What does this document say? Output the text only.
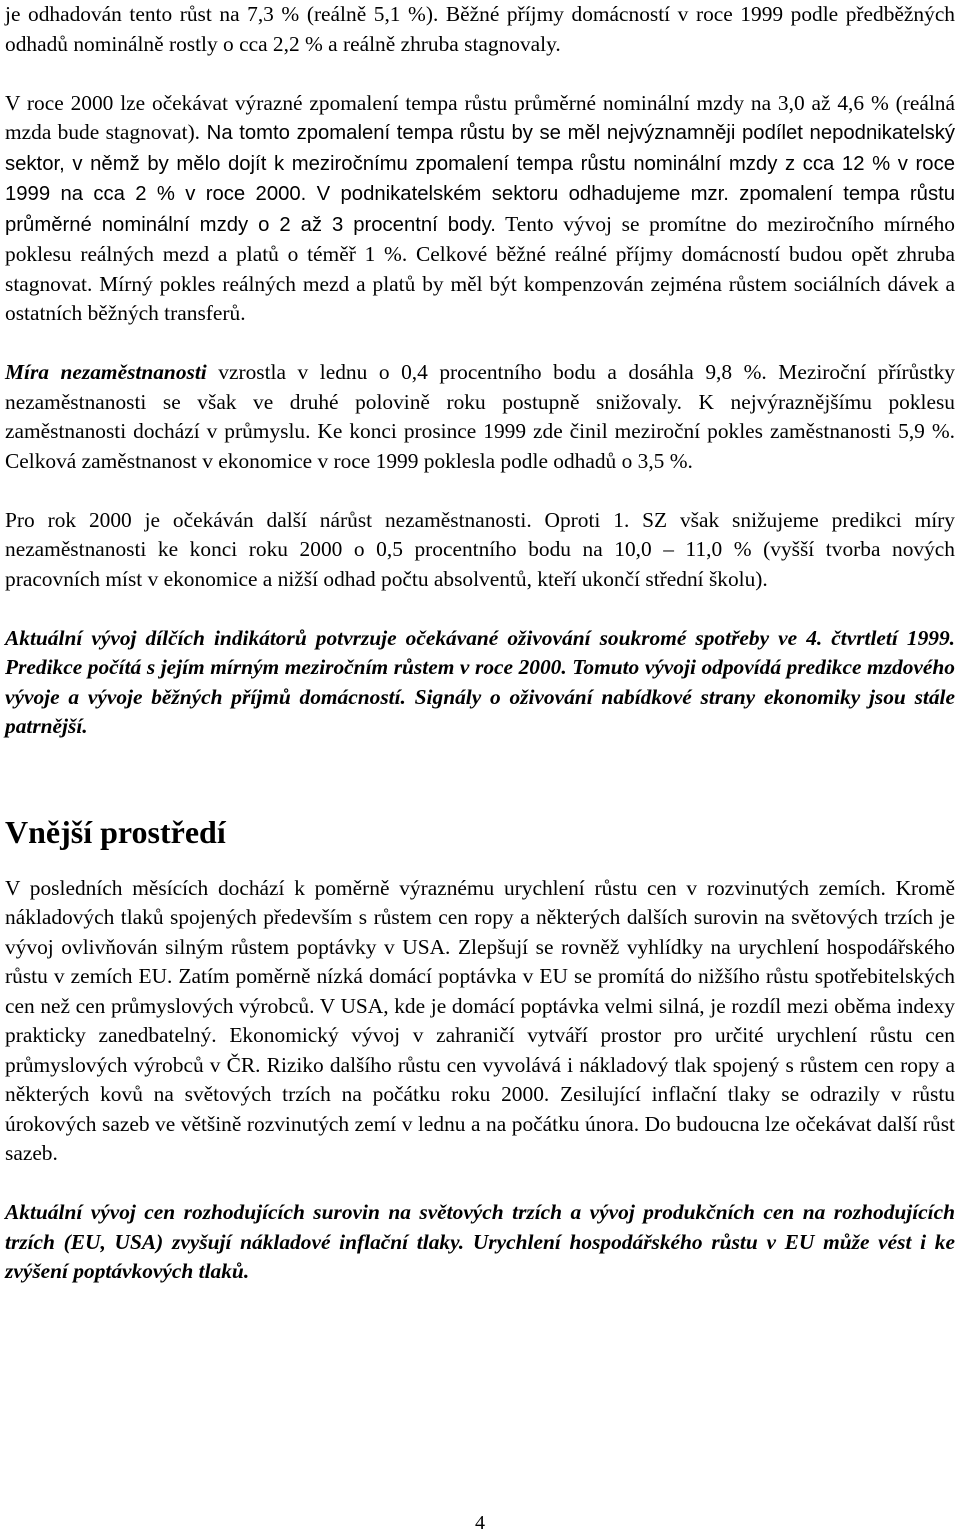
je odhadován tento růst na 7,3 % (reálně 5,1 %). Běžné příjmy domácností v roce 1999 podle předběžných odhadů nominálně rostly o cca 2,2 % a reálně zhruba stagnovaly.

V roce 2000 lze očekávat výrazné zpomalení tempa růstu průměrné nominální mzdy na 3,0 až 4,6 % (reálná mzda bude stagnovat). Na tomto zpomalení tempa růstu by se měl nejvýznamněji podílet nepodnikatelský sektor, v němž by mělo dojít k meziročnímu zpomalení tempa růstu nominální mzdy z cca 12 % v roce 1999 na cca 2 % v roce 2000. V podnikatelském sektoru odhadujeme mzr. zpomalení tempa růstu průměrné nominální mzdy o 2 až 3 procentní body. Tento vývoj se promítne do meziročního mírného poklesu reálných mezd a platů o téměř 1 %. Celkové běžné reálné příjmy domácností budou opět zhruba stagnovat. Mírný pokles reálných mezd a platů by měl být kompenzován zejména růstem sociálních dávek a ostatních běžných transferů.

Míra nezaměstnanosti vzrostla v lednu o 0,4 procentního bodu a dosáhla 9,8 %. Meziroční přírůstky nezaměstnanosti se však ve druhé polovině roku postupně snižovaly. K nejvýraznějšímu poklesu zaměstnanosti dochází v průmyslu. Ke konci prosince 1999 zde činil meziroční pokles zaměstnanosti 5,9 %. Celková zaměstnanost v ekonomice v roce 1999 poklesla podle odhadů o 3,5 %.

Pro rok 2000 je očekáván další nárůst nezaměstnanosti. Oproti 1. SZ však snižujeme predikci míry nezaměstnanosti ke konci roku 2000 o 0,5 procentního bodu na 10,0 – 11,0 % (vyšší tvorba nových pracovních míst v ekonomice a nižší odhad počtu absolventů, kteří ukončí střední školu).

Aktuální vývoj dílčích indikátorů potvrzuje očekávané oživování soukromé spotřeby ve 4. čtvrtletí 1999. Predikce počítá s jejím mírným meziročním růstem v roce 2000. Tomuto vývoji odpovídá predikce mzdového vývoje a vývoje běžných příjmů domácností. Signály o oživování nabídkové strany ekonomiky jsou stále patrnější.

Vnější prostředí

V posledních měsících dochází k poměrně výraznému urychlení růstu cen v rozvinutých zemích. Kromě nákladových tlaků spojených především s růstem cen ropy a některých dalších surovin na světových trzích je vývoj ovlivňován silným růstem poptávky v USA. Zlepšují se rovněž vyhlídky na urychlení hospodářského růstu v zemích EU. Zatím poměrně nízká domácí poptávka v EU se promítá do nižšího růstu spotřebitelských cen než cen průmyslových výrobců. V USA, kde je domácí poptávka velmi silná, je rozdíl mezi oběma indexy prakticky zanedbatelný. Ekonomický vývoj v zahraničí vytváří prostor pro určité urychlení růstu cen průmyslových výrobců v ČR. Riziko dalšího růstu cen vyvolává i nákladový tlak spojený s růstem cen ropy a některých kovů na světových trzích na počátku roku 2000. Zesilující inflační tlaky se odrazily v růstu úrokových sazeb ve většině rozvinutých zemí v lednu a na počátku února. Do budoucna lze očekávat další růst sazeb.

Aktuální vývoj cen rozhodujících surovin na světových trzích a vývoj produkčních cen na rozhodujících trzích (EU, USA) zvyšují nákladové inflační tlaky. Urychlení hospodářského růstu v EU může vést i ke zvýšení poptávkových tlaků.

4
